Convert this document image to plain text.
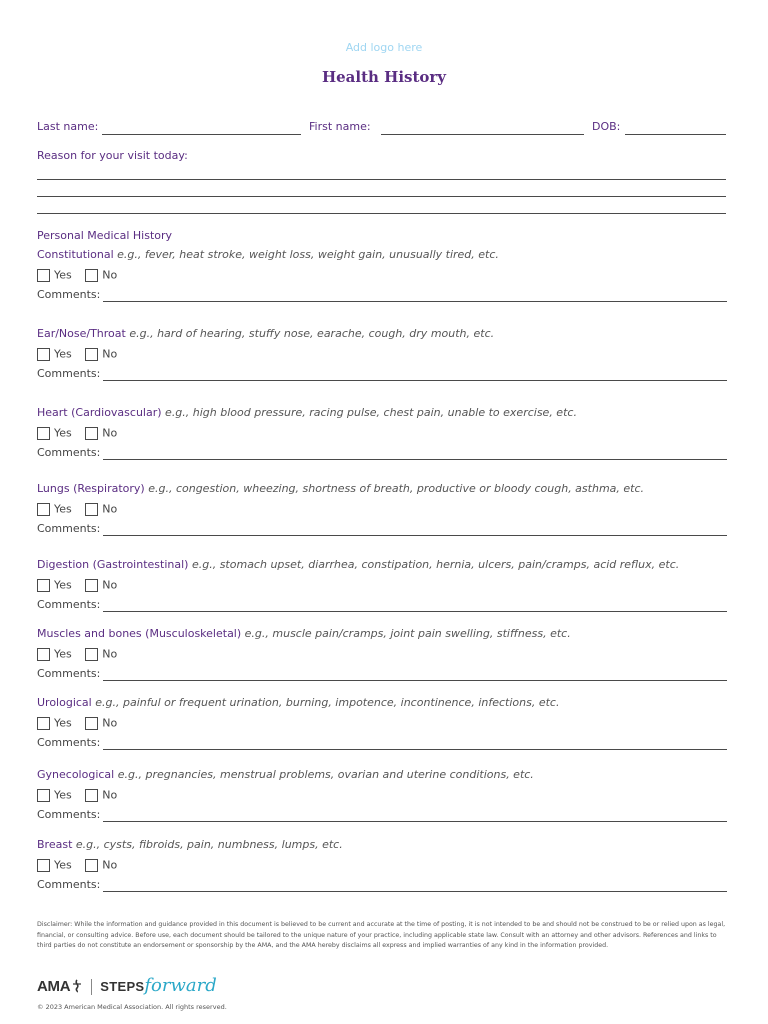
Add logo here
Health History
Last name:	First name:	DOB:
Reason for your visit today:
Personal Medical History
Constitutional e.g., fever, heat stroke, weight loss, weight gain, unusually tired, etc.
Yes	No
Comments:
Ear/Nose/Throat e.g., hard of hearing, stuffy nose, earache, cough, dry mouth, etc.
Yes	No
Comments:
Heart (Cardiovascular) e.g., high blood pressure, racing pulse, chest pain, unable to exercise, etc.
Yes	No
Comments:
Lungs (Respiratory) e.g., congestion, wheezing, shortness of breath, productive or bloody cough, asthma, etc.
Yes	No
Comments:
Digestion (Gastrointestinal) e.g., stomach upset, diarrhea, constipation, hernia, ulcers, pain/cramps, acid reflux, etc.
Yes	No
Comments:
Muscles and bones (Musculoskeletal) e.g., muscle pain/cramps, joint pain swelling, stiffness, etc.
Yes	No
Comments:
Urological e.g., painful or frequent urination, burning, impotence, incontinence, infections, etc.
Yes	No
Comments:
Gynecological e.g., pregnancies, menstrual problems, ovarian and uterine conditions, etc.
Yes	No
Comments:
Breast e.g., cysts, fibroids, pain, numbness, lumps, etc.
Yes	No
Comments:
Disclaimer: While the information and guidance provided in this document is believed to be current and accurate at the time of posting, it is not intended to be and should not be construed to be or relied upon as legal, financial, or consulting advice. Before use, each document should be tailored to the unique nature of your practice, including applicable state law. Consult with an attorney and other advisors. References and links to third parties do not constitute an endorsement or sponsorship by the AMA, and the AMA hereby disclaims all express and implied warranties of any kind in the information provided.
AMA STEPSforward
© 2023 American Medical Association. All rights reserved.
